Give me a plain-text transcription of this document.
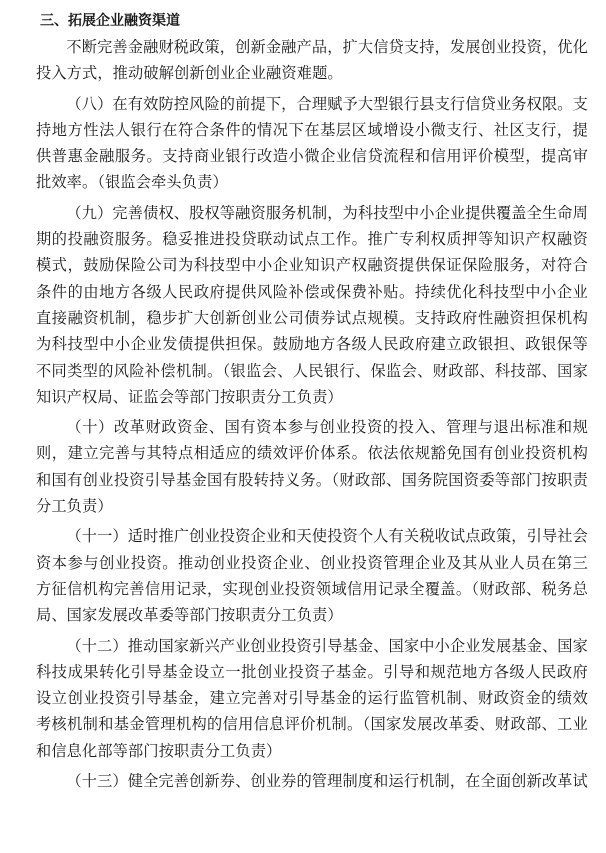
三、拓展企业融资渠道

不断完善金融财税政策，创新金融产品，扩大信贷支持，发展创业投资，优化投入方式，推动破解创新创业企业融资难题。

（八）在有效防控风险的前提下，合理赋予大型银行县支行信贷业务权限。支持地方性法人银行在符合条件的情况下在基层区域增设小微支行、社区支行，提供普惠金融服务。支持商业银行改造小微企业信贷流程和信用评价模型，提高审批效率。（银监会牵头负责）

（九）完善债权、股权等融资服务机制，为科技型中小企业提供覆盖全生命周期的投融资服务。稳妥推进投贷联动试点工作。推广专利权质押等知识产权融资模式，鼓励保险公司为科技型中小企业知识产权融资提供保证保险服务，对符合条件的由地方各级人民政府提供风险补偿或保费补贴。持续优化科技型中小企业直接融资机制，稳步扩大创新创业公司债券试点规模。支持政府性融资担保机构为科技型中小企业发债提供担保。鼓励地方各级人民政府建立政银担、政银保等不同类型的风险补偿机制。（银监会、人民银行、保监会、财政部、科技部、国家知识产权局、证监会等部门按职责分工负责）

（十）改革财政资金、国有资本参与创业投资的投入、管理与退出标准和规则，建立完善与其特点相适应的绩效评价体系。依法依规豁免国有创业投资机构和国有创业投资引导基金国有股转持义务。（财政部、国务院国资委等部门按职责分工负责）

（十一）适时推广创业投资企业和天使投资个人有关税收试点政策，引导社会资本参与创业投资。推动创业投资企业、创业投资管理企业及其从业人员在第三方征信机构完善信用记录，实现创业投资领域信用记录全覆盖。（财政部、税务总局、国家发展改革委等部门按职责分工负责）

（十二）推动国家新兴产业创业投资引导基金、国家中小企业发展基金、国家科技成果转化引导基金设立一批创业投资子基金。引导和规范地方各级人民政府设立创业投资引导基金，建立完善对引导基金的运行监管机制、财政资金的绩效考核机制和基金管理机构的信用信息评价机制。（国家发展改革委、财政部、工业和信息化部等部门按职责分工负责）

（十三）健全完善创新券、创业券的管理制度和运行机制，在全面创新改革试
